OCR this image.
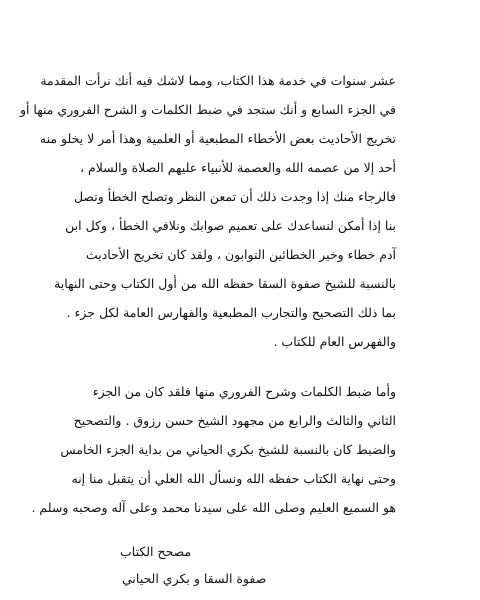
عشر سنوات في خدمة هذا الكتاب، ومما لاشك فيه أنك نرأت المقدمة
في الجزء السابع و أنك ستجد في ضبط الكلمات و الشرح الفروري منها أو
تخريج الأحاديث بعض الأخطاء المطبعية أو العلمية وهذا أمر لا يخلو منه
أحد إلا من عصمه الله والعصمة للأنبياء عليهم الصلاة والسلام ،
فالرجاء منك إذا وجدت ذلك أن تمعن النظر وتصلح الخطأ وتصل
بنا إذا أمكن لنساعدك على تعميم صوابك ونلافي الخطأ ، وكل ابن
آدم خطاء وخير الخطائين التوابون ، ولقد كان تخريج الأحاديث
بالنسبة للشيخ صفوة السقا حفظه الله من أول الكتاب وحتى النهاية
بما ذلك التصحيح والتجارب المطبعية والفهارس العامة لكل جزء .
والفهرس العام للكتاب .
وأما ضبط الكلمات وشرح الفروري منها فلقد كان من الجزء
الثاني والثالث والرابع من مجهود الشيخ حسن رزوق . والتصحيح
والضبط كان بالنسبة للشيخ بكري الحياني من بداية الجزء الخامس
وحتى نهاية الكتاب حفظه الله ونسأل الله العلي أن يتقبل منا إنه
هو السميع العليم وصلى الله على سيدنا محمد وعلى آله وصحبه وسلم .
مصحح الكتاب
صفوة السقا و بكري الحياني
